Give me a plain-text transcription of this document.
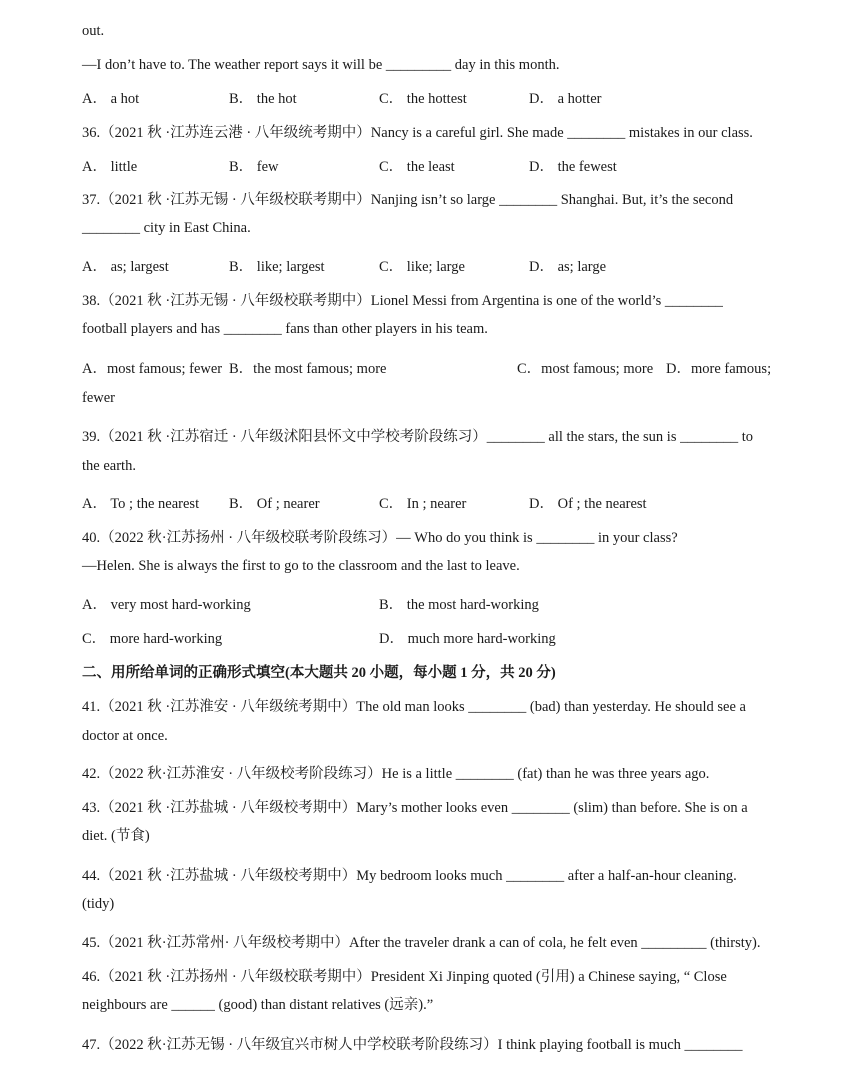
out.
—I don’t have to. The weather report says it will be _________ day in this month.
A． a hot	B． the hot	C． the hottest	D． a hotter
36.（2021 秋 ·江苏连云港 · 八年级统考期中）Nancy is a careful girl. She made ________ mistakes in our class.
A． little	B． few	C． the least	D． the fewest
37.（2021 秋 ·江苏无锡 · 八年级校联考期中）Nanjing isn’t so large ________ Shanghai. But, it’s the second
________ city in East China.
A． as; largest	B． like; largest	C． like; large	D． as; large
38.（2021 秋 ·江苏无锡 · 八年级校联考期中）Lionel Messi from Argentina is one of the world’s ________
football players and has ________ fans than other players in his team.
A．most famous; fewer B．the most famous; more	C．most famous; more D．more famous;
fewer
39.（2021 秋 ·江苏宿迁 · 八年级沭阳县怀文中学校考阶段练习）________ all the stars, the sun is ________ to
the earth.
A． To ; the nearest B． Of ; nearer	C． In ; nearer	D． Of ; the nearest
40.（2022 秋·江苏扬州 · 八年级校联考阶段练习）— Who do you think is ________ in your class?
—Helen. She is always the first to go to the classroom and the last to leave.
A． very most hard-working	B． the most hard-working
C． more hard-working	D． much more hard-working
二、用所给单词的正确形式填空(本大题共 20 小题，每小题 1 分，共 20 分)
41.（2021 秋 ·江苏淮安 · 八年级统考期中）The old man looks ________ (bad) than yesterday. He should see a
doctor at once.
42.（2022 秋·江苏淮安 · 八年级校考阶段练习）He is a little ________ (fat) than he was three years ago.
43.（2021 秋 ·江苏盐城 · 八年级校考期中）Mary’s mother looks even ________ (slim) than before. She is on a
diet. (节食)
44.（2021 秋 ·江苏盐城 · 八年级校考期中）My bedroom looks much ________ after a half-an-hour cleaning.
(tidy)
45.（2021 秋·江苏常州· 八年级校考期中）After the traveler drank a can of cola, he felt even _________ (thirsty).
46.（2021 秋 ·江苏扬州 · 八年级校联考期中）President Xi Jinping quoted (引用) a Chinese saying, “ Close
neighbours are ______ (good) than distant relatives (远亲).”
47.（2022 秋·江苏无锡 · 八年级宜兴市树人中学校联考阶段练习）I think playing football is much ________
